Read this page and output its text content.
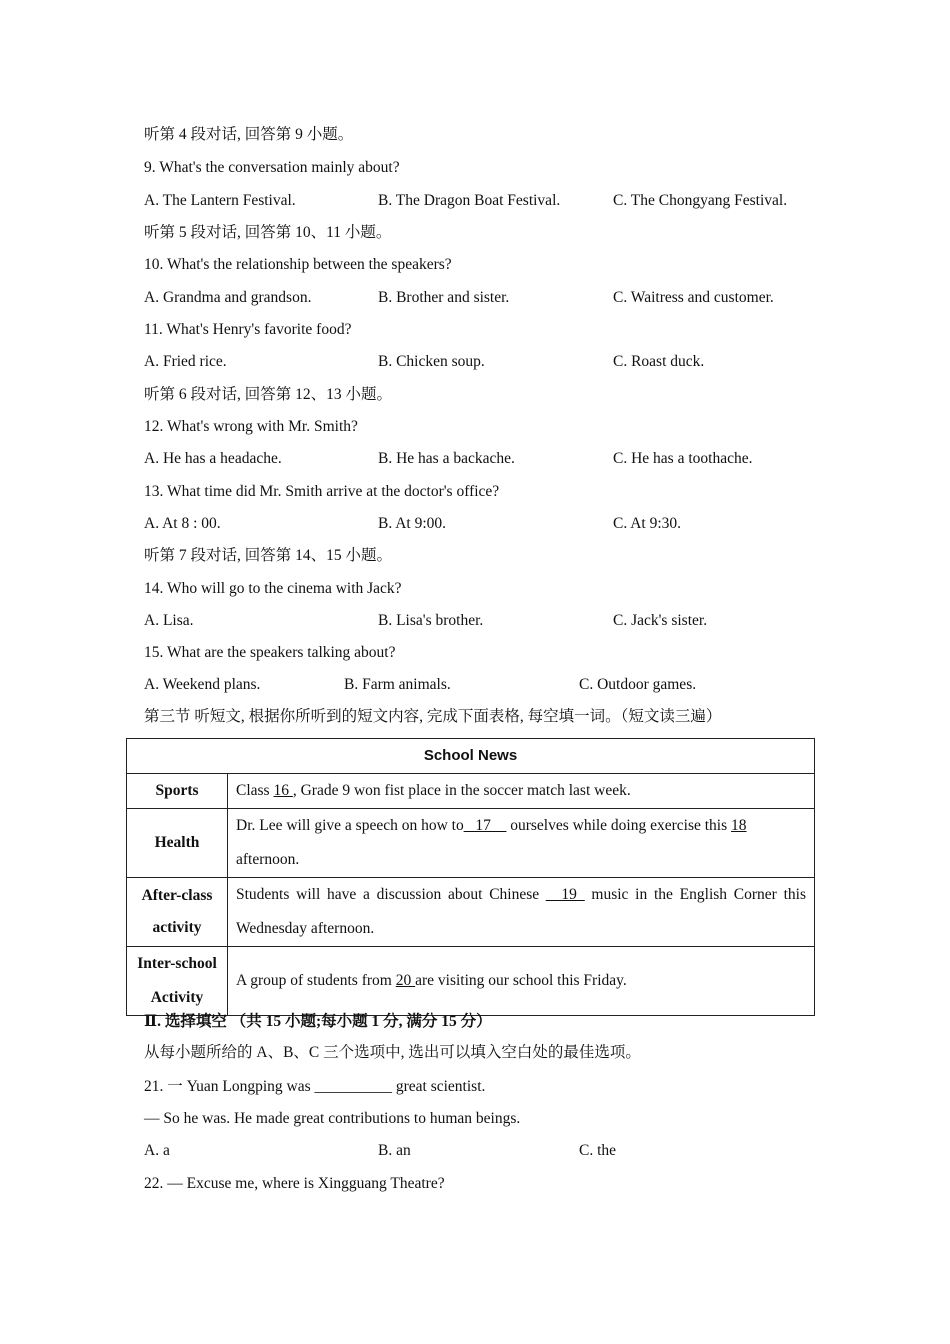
听第 4 段对话, 回答第 9 小题。
9. What's the conversation mainly about?
A. The Lantern Festival.	B. The Dragon Boat Festival.	C. The Chongyang Festival.
听第 5 段对话, 回答第 10、11 小题。
10. What's the relationship between the speakers?
A. Grandma and grandson.	B. Brother and sister.	C. Waitress and customer.
11. What's Henry's favorite food?
A. Fried rice.	B. Chicken soup.	C. Roast duck.
听第 6 段对话, 回答第 12、13 小题。
12. What's wrong with Mr. Smith?
A. He has a headache.	B. He has a backache.	C. He has a toothache.
13. What time did Mr. Smith arrive at the doctor's office?
A. At 8 : 00.	B. At 9:00.	C. At 9:30.
听第 7 段对话, 回答第 14、15 小题。
14. Who will go to the cinema with Jack?
A. Lisa.	B. Lisa's brother.	C. Jack's sister.
15. What are the speakers talking about?
A. Weekend plans.	B. Farm animals.	C. Outdoor games.
第三节 听短文, 根据你所听到的短文内容, 完成下面表格, 每空填一词。（短文读三遍）
School News	
Sports	Class 16 , Grade 9 won fist place in the soccer match last week.
Health	Dr. Lee will give a speech on how to_ 17__ ourselves while doing exercise this 18
afternoon.
After-class
activity	Students will have a discussion about Chinese __19_ music in the English Corner this Wednesday afternoon.
Inter-school
Activity	A group of students from 20 are visiting our school this Friday.
Ⅱ. 选择填空 （共 15 小题;每小题 1 分, 满分 15 分）
从每小题所给的 A、B、C 三个选项中, 选出可以填入空白处的最佳选项。
21. 一 Yuan Longping was __________ great scientist.
— So he was. He made great contributions to human beings.
A. a	B. an	C. the
22. — Excuse me, where is Xingguang Theatre?
